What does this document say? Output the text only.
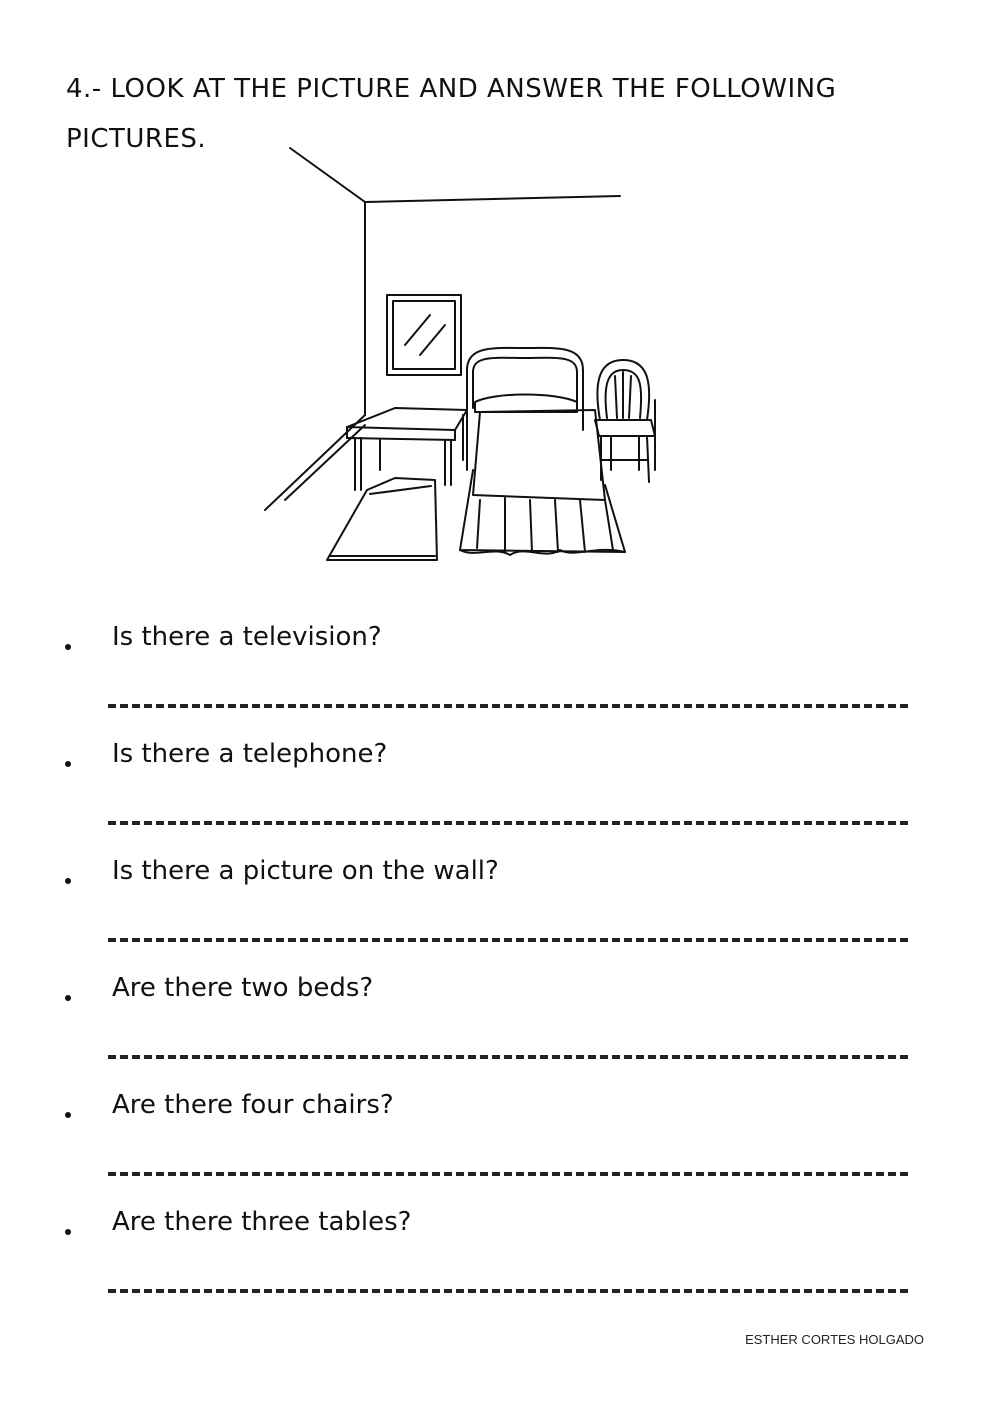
4.- LOOK AT THE PICTURE AND ANSWER THE FOLLOWING PICTURES.
Is there a television?
Is there a telephone?
Is there a picture on the wall?
Are there two beds?
Are there four chairs?
Are there three tables?
ESTHER CORTES HOLGADO
